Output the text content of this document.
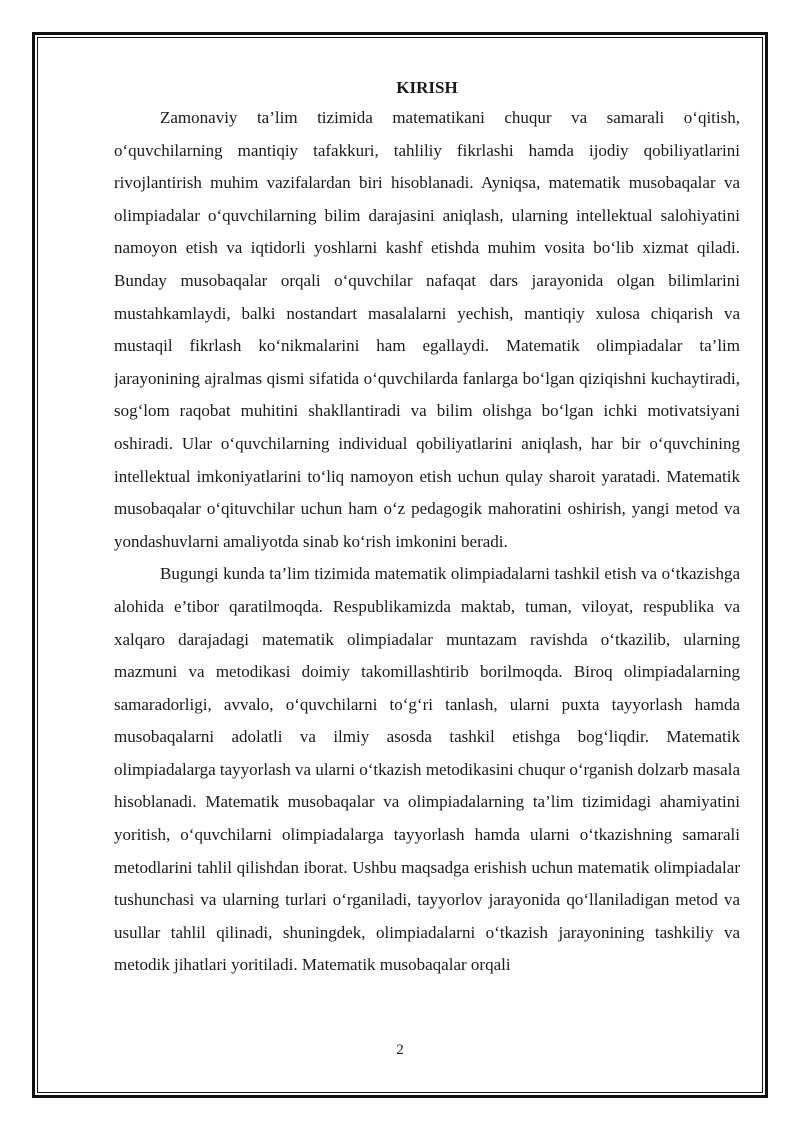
KIRISH

Zamonaviy ta’lim tizimida matematikani chuqur va samarali o‘qitish, o‘quvchilarning mantiqiy tafakkuri, tahliliy fikrlashi hamda ijodiy qobiliyatlarini rivojlantirish muhim vazifalardan biri hisoblanadi. Ayniqsa, matematik musobaqalar va olimpiadalar o‘quvchilarning bilim darajasini aniqlash, ularning intellektual salohiyatini namoyon etish va iqtidorli yoshlarni kashf etishda muhim vosita bo‘lib xizmat qiladi. Bunday musobaqalar orqali o‘quvchilar nafaqat dars jarayonida olgan bilimlarini mustahkamlaydi, balki nostandart masalalarni yechish, mantiqiy xulosa chiqarish va mustaqil fikrlash ko‘nikmalarini ham egallaydi. Matematik olimpiadalar ta’lim jarayonining ajralmas qismi sifatida o‘quvchilarda fanlarga bo‘lgan qiziqishni kuchaytiradi, sog‘lom raqobat muhitini shakllantiradi va bilim olishga bo‘lgan ichki motivatsiyani oshiradi. Ular o‘quvchilarning individual qobiliyatlarini aniqlash, har bir o‘quvchining intellektual imkoniyatlarini to‘liq namoyon etish uchun qulay sharoit yaratadi. Matematik musobaqalar o‘qituvchilar uchun ham o‘z pedagogik mahoratini oshirish, yangi metod va yondashuvlarni amaliyotda sinab ko‘rish imkonini beradi.

Bugungi kunda ta’lim tizimida matematik olimpiadalarni tashkil etish va o‘tkazishga alohida e’tibor qaratilmoqda. Respublikamizda maktab, tuman, viloyat, respublika va xalqaro darajadagi matematik olimpiadalar muntazam ravishda o‘tkazilib, ularning mazmuni va metodikasi doimiy takomillashtirib borilmoqda. Biroq olimpiadalarning samaradorligi, avvalo, o‘quvchilarni to‘g‘ri tanlash, ularni puxta tayyorlash hamda musobaqalarni adolatli va ilmiy asosda tashkil etishga bog‘liqdir. Matematik olimpiadalarga tayyorlash va ularni o‘tkazish metodikasini chuqur o‘rganish dolzarb masala hisoblanadi. Matematik musobaqalar va olimpiadalarning ta’lim tizimidagi ahamiyatini yoritish, o‘quvchilarni olimpiadalarga tayyorlash hamda ularni o‘tkazishning samarali metodlarini tahlil qilishdan iborat. Ushbu maqsadga erishish uchun matematik olimpiadalar tushunchasi va ularning turlari o‘rganiladi, tayyorlov jarayonida qo‘llaniladigan metod va usullar tahlil qilinadi, shuningdek, olimpiadalarni o‘tkazish jarayonining tashkiliy va metodik jihatlari yoritiladi. Matematik musobaqalar orqali

2
